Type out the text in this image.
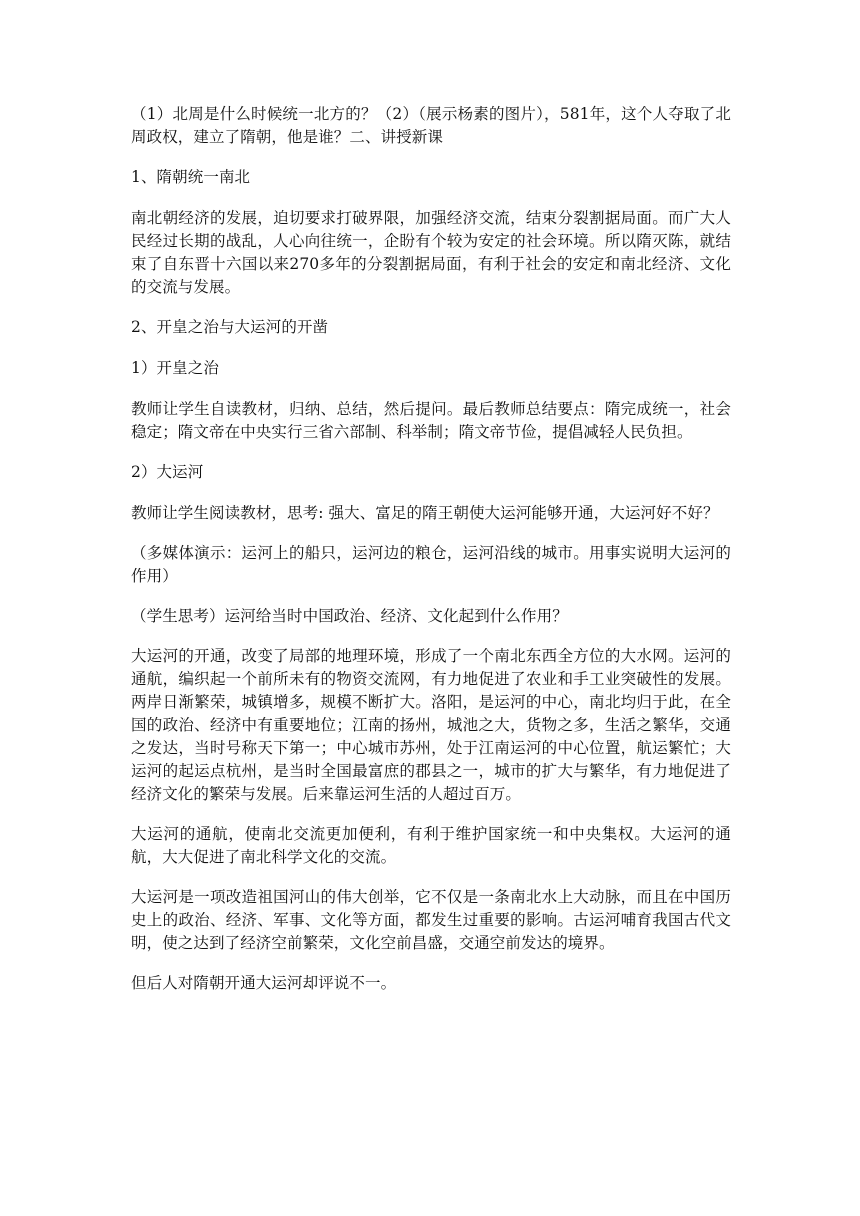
（1）北周是什么时候统一北方的？（2）（展示杨素的图片），581年，这个人夺取了北周政权，建立了隋朝，他是谁？二、讲授新课

1、隋朝统一南北

南北朝经济的发展，迫切要求打破界限，加强经济交流，结束分裂割据局面。而广大人民经过长期的战乱，人心向往统一，企盼有个较为安定的社会环境。所以隋灭陈，就结束了自东晋十六国以来270多年的分裂割据局面，有利于社会的安定和南北经济、文化的交流与发展。

2、开皇之治与大运河的开凿

1）开皇之治

教师让学生自读教材，归纳、总结，然后提问。最后教师总结要点：隋完成统一，社会稳定；隋文帝在中央实行三省六部制、科举制；隋文帝节俭，提倡减轻人民负担。

2）大运河

教师让学生阅读教材，思考: 强大、富足的隋王朝使大运河能够开通，大运河好不好？

（多媒体演示：运河上的船只，运河边的粮仓，运河沿线的城市。用事实说明大运河的作用）

（学生思考）运河给当时中国政治、经济、文化起到什么作用？

大运河的开通，改变了局部的地理环境，形成了一个南北东西全方位的大水网。运河的通航，编织起一个前所未有的物资交流网，有力地促进了农业和手工业突破性的发展。两岸日渐繁荣，城镇增多，规模不断扩大。洛阳，是运河的中心，南北均归于此，在全国的政治、经济中有重要地位；江南的扬州，城池之大，货物之多，生活之繁华，交通之发达，当时号称天下第一；中心城市苏州，处于江南运河的中心位置，航运繁忙；大运河的起运点杭州，是当时全国最富庶的郡县之一，城市的扩大与繁华，有力地促进了经济文化的繁荣与发展。后来靠运河生活的人超过百万。

大运河的通航，使南北交流更加便利，有利于维护国家统一和中央集权。大运河的通航，大大促进了南北科学文化的交流。

大运河是一项改造祖国河山的伟大创举，它不仅是一条南北水上大动脉，而且在中国历史上的政治、经济、军事、文化等方面，都发生过重要的影响。古运河哺育我国古代文明，使之达到了经济空前繁荣，文化空前昌盛，交通空前发达的境界。

但后人对隋朝开通大运河却评说不一。
